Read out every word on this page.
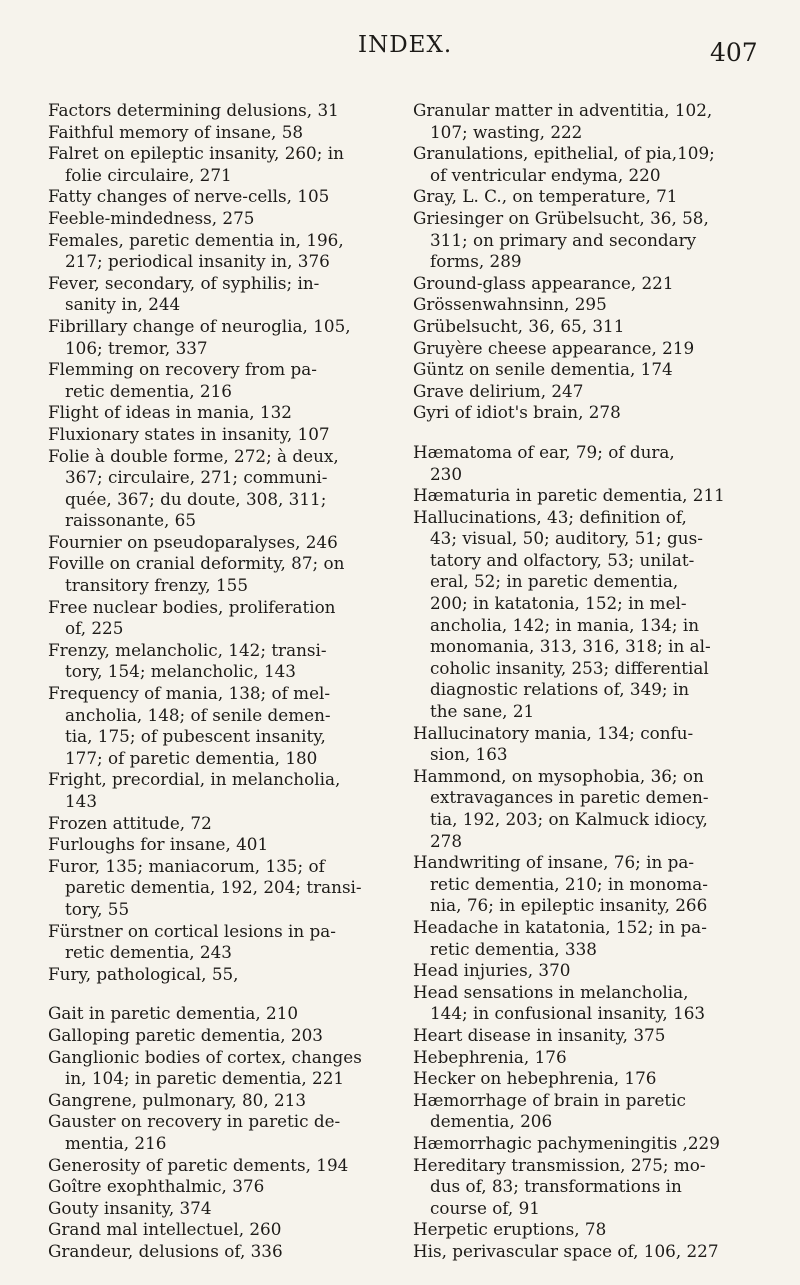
INDEX.	407
Factors determining delusions, 31
Faithful memory of insane, 58
Falret on epileptic insanity, 260; in
folie circulaire, 271
Fatty changes of nerve-cells, 105
Feeble-mindedness, 275
Females, paretic dementia in, 196,
217; periodical insanity in, 376
Fever, secondary, of syphilis; in-
sanity in, 244
Fibrillary change of neuroglia, 105,
106; tremor, 337
Flemming on recovery from pa-
retic dementia, 216
Flight of ideas in mania, 132
Fluxionary states in insanity, 107
Folie à double forme, 272; à deux,
367; circulaire, 271; communi-
quée, 367; du doute, 308, 311;
raissonante, 65
Fournier on pseudoparalyses, 246
Foville on cranial deformity, 87; on
transitory frenzy, 155
Free nuclear bodies, proliferation
of, 225
Frenzy, melancholic, 142; transi-
tory, 154; melancholic, 143
Frequency of mania, 138; of mel-
ancholia, 148; of senile demen-
tia, 175; of pubescent insanity,
177; of paretic dementia, 180
Fright, precordial, in melancholia,
143
Frozen attitude, 72
Furloughs for insane, 401
Furor, 135; maniacorum, 135; of
paretic dementia, 192, 204; transi-
tory, 55
Fürstner on cortical lesions in pa-
retic dementia, 243
Fury, pathological, 55,
Gait in paretic dementia, 210
Galloping paretic dementia, 203
Ganglionic bodies of cortex, changes
in, 104; in paretic dementia, 221
Gangrene, pulmonary, 80, 213
Gauster on recovery in paretic de-
mentia, 216
Generosity of paretic dements, 194
Goître exophthalmic, 376
Gouty insanity, 374
Grand mal intellectuel, 260
Grandeur, delusions of, 336
Granular matter in adventitia, 102,
107; wasting, 222
Granulations, epithelial, of pia,109;
of ventricular endyma, 220
Gray, L. C., on temperature, 71
Griesinger on Grübelsucht, 36, 58,
311; on primary and secondary
forms, 289
Ground-glass appearance, 221
Grössenwahnsinn, 295
Grübelsucht, 36, 65, 311
Gruyère cheese appearance, 219
Güntz on senile dementia, 174
Grave delirium, 247
Gyri of idiot's brain, 278
Hæmatoma of ear, 79; of dura,
230
Hæmaturia in paretic dementia, 211
Hallucinations, 43; definition of,
43; visual, 50; auditory, 51; gus-
tatory and olfactory, 53; unilat-
eral, 52; in paretic dementia,
200; in katatonia, 152; in mel-
ancholia, 142; in mania, 134; in
monomania, 313, 316, 318; in al-
coholic insanity, 253; differential
diagnostic relations of, 349; in
the sane, 21
Hallucinatory mania, 134; confu-
sion, 163
Hammond, on mysophobia, 36; on
extravagances in paretic demen-
tia, 192, 203; on Kalmuck idiocy,
278
Handwriting of insane, 76; in pa-
retic dementia, 210; in monoma-
nia, 76; in epileptic insanity, 266
Headache in katatonia, 152; in pa-
retic dementia, 338
Head injuries, 370
Head sensations in melancholia,
144; in confusional insanity, 163
Heart disease in insanity, 375
Hebephrenia, 176
Hecker on hebephrenia, 176
Hæmorrhage of brain in paretic
dementia, 206
Hæmorrhagic pachymeningitis ,229
Hereditary transmission, 275; mo-
dus of, 83; transformations in
course of, 91
Herpetic eruptions, 78
His, perivascular space of, 106, 227
